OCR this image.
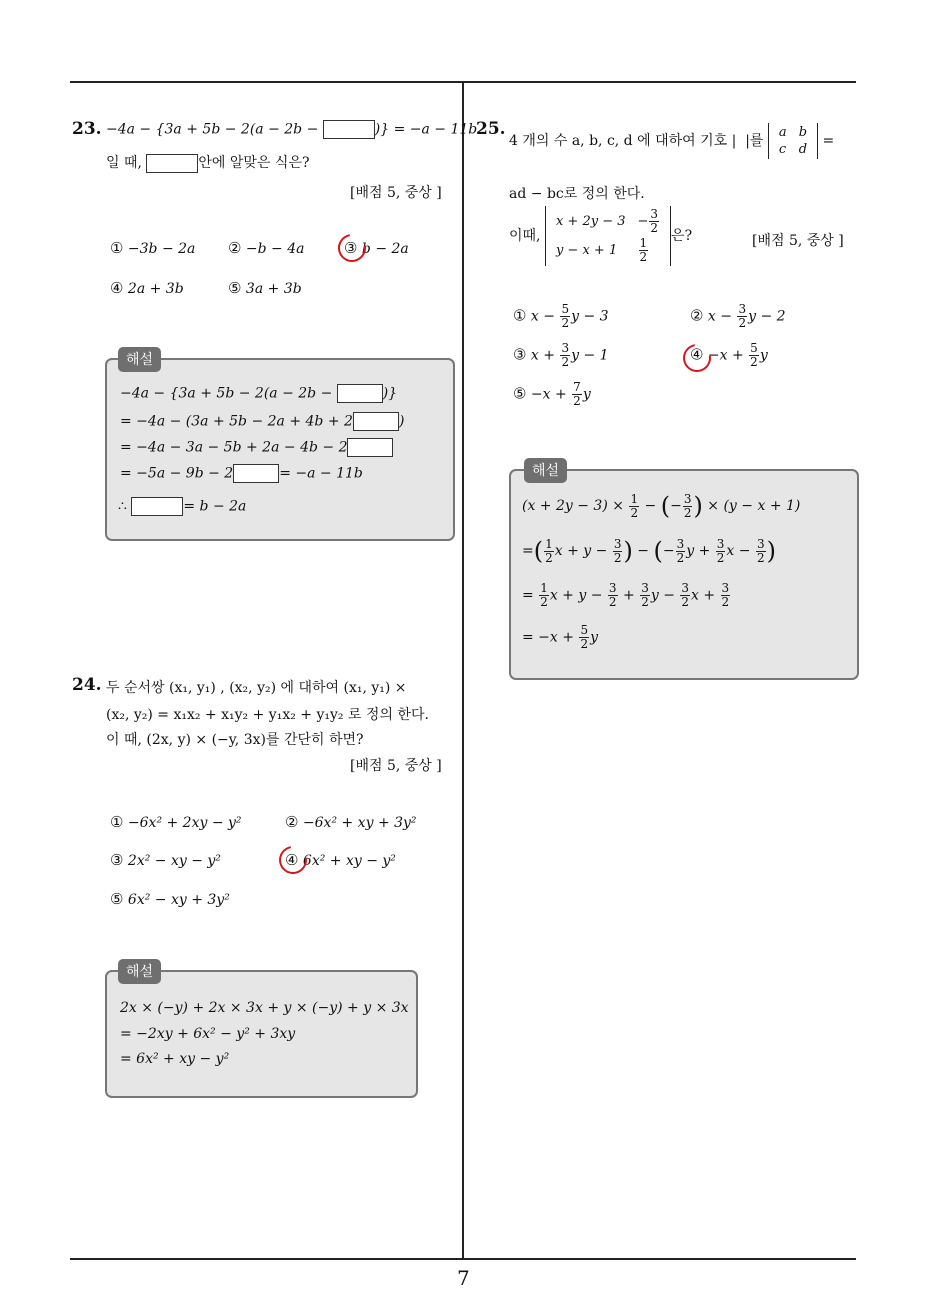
7
23. −4a − {3a + 5b − 2(a − 2b −	)} = −a − 11b
일 때,	안에 알맞은 식은?
[배점 5, 중상 ]
① −3b − 2a ② −b − 4a	③ b − 2a
④ 2a + 3b	⑤ 3a + 3b
해설
−4a − {3a + 5b − 2(a − 2b −	)}
= −4a − (3a + 5b − 2a + 4b + 2	)
= −4a − 3a − 5b + 2a − 4b − 2
= −5a − 9b − 2	= −a − 11b
∴	= b − 2a
24. 두 순서쌍 (x₁, y₁) , (x₂, y₂) 에 대하여 (x₁, y₁) ×
(x₂, y₂) = x₁x₂ + x₁y₂ + y₁x₂ + y₁y₂ 로 정의 한다.
이 때, (2x, y) × (−y, 3x)를 간단히 하면?
[배점 5, 중상 ]
① −6x² + 2xy − y²	② −6x² + xy + 3y²
③ 2x² − xy − y²	④ 6x² + xy − y²
⑤ 6x² − xy + 3y²
해설
2x × (−y) + 2x × 3x + y × (−y) + y × 3x
= −2xy + 6x² − y² + 3xy
= 6x² + xy − y²
25.
4 개의 수 a, b, c, d 에 대하여 기호 | |를
a	b
c	d
=
ad − bc로 정의 한다.
이때,
x + 2y − 3	− $\frac{3}{2}$

y − x + 1	$\frac{1}{2}$
은?	[배점 5, 중상 ]
① $x - \frac{5}{2}$ y − 3	② $x - \frac{3}{2}$ y − 2
③ $x + \frac{3}{2}$ y − 1	④ $-x + \frac{5}{2}$ y
⑤ $-x + \frac{7}{2}$ y
해설
$(x + 2y - 3) \times \frac{1}{2}$ − (− $\frac{3}{2}$ ) × (y − x + 1)
=( $\frac{1}{2}$ $x + y - \frac{3}{2}$ ) − (− $\frac{3}{2}$ $y + \frac{3}{2}$ $x - \frac{3}{2}$ )
= $\frac{1}{2}$ $x + y - \frac{3}{2} + \frac{3}{2}$ $y - \frac{3}{2}$ $x + \frac{3}{2}$
= $-x + \frac{5}{2}$ y
